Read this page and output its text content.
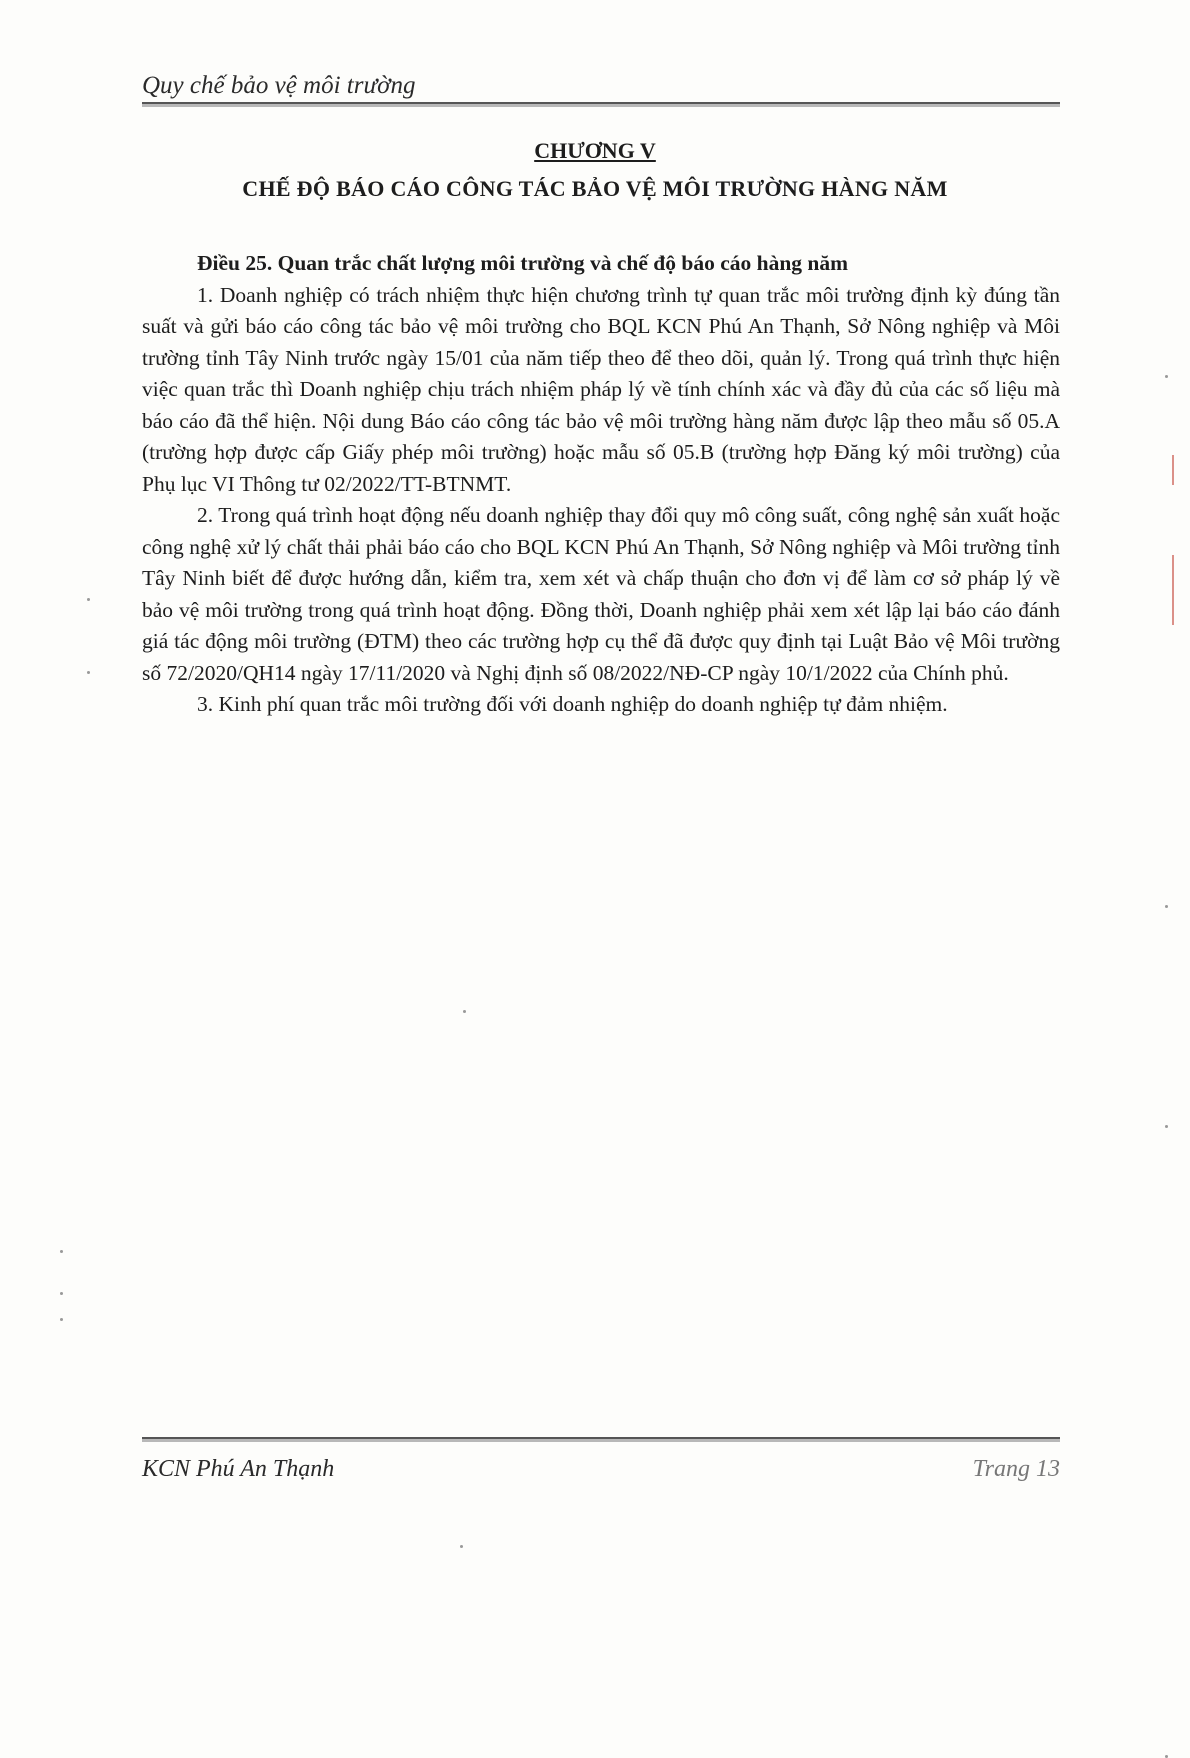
Quy chế bảo vệ môi trường
CHƯƠNG V
CHẾ ĐỘ BÁO CÁO CÔNG TÁC BẢO VỆ MÔI TRƯỜNG HÀNG NĂM

Điều 25. Quan trắc chất lượng môi trường và chế độ báo cáo hàng năm

1. Doanh nghiệp có trách nhiệm thực hiện chương trình tự quan trắc môi trường định kỳ đúng tần suất và gửi báo cáo công tác bảo vệ môi trường cho BQL KCN Phú An Thạnh, Sở Nông nghiệp và Môi trường tỉnh Tây Ninh trước ngày 15/01 của năm tiếp theo để theo dõi, quản lý. Trong quá trình thực hiện việc quan trắc thì Doanh nghiệp chịu trách nhiệm pháp lý về tính chính xác và đầy đủ của các số liệu mà báo cáo đã thể hiện. Nội dung Báo cáo công tác bảo vệ môi trường hàng năm được lập theo mẫu số 05.A (trường hợp được cấp Giấy phép môi trường) hoặc mẫu số 05.B (trường hợp Đăng ký môi trường) của Phụ lục VI Thông tư 02/2022/TT-BTNMT.

2. Trong quá trình hoạt động nếu doanh nghiệp thay đổi quy mô công suất, công nghệ sản xuất hoặc công nghệ xử lý chất thải phải báo cáo cho BQL KCN Phú An Thạnh, Sở Nông nghiệp và Môi trường tỉnh Tây Ninh biết để được hướng dẫn, kiểm tra, xem xét và chấp thuận cho đơn vị để làm cơ sở pháp lý về bảo vệ môi trường trong quá trình hoạt động. Đồng thời, Doanh nghiệp phải xem xét lập lại báo cáo đánh giá tác động môi trường (ĐTM) theo các trường hợp cụ thể đã được quy định tại Luật Bảo vệ Môi trường số 72/2020/QH14 ngày 17/11/2020 và Nghị định số 08/2022/NĐ-CP ngày 10/1/2022 của Chính phủ.

3. Kinh phí quan trắc môi trường đối với doanh nghiệp do doanh nghiệp tự đảm nhiệm.

KCN Phú An Thạnh	Trang 13
